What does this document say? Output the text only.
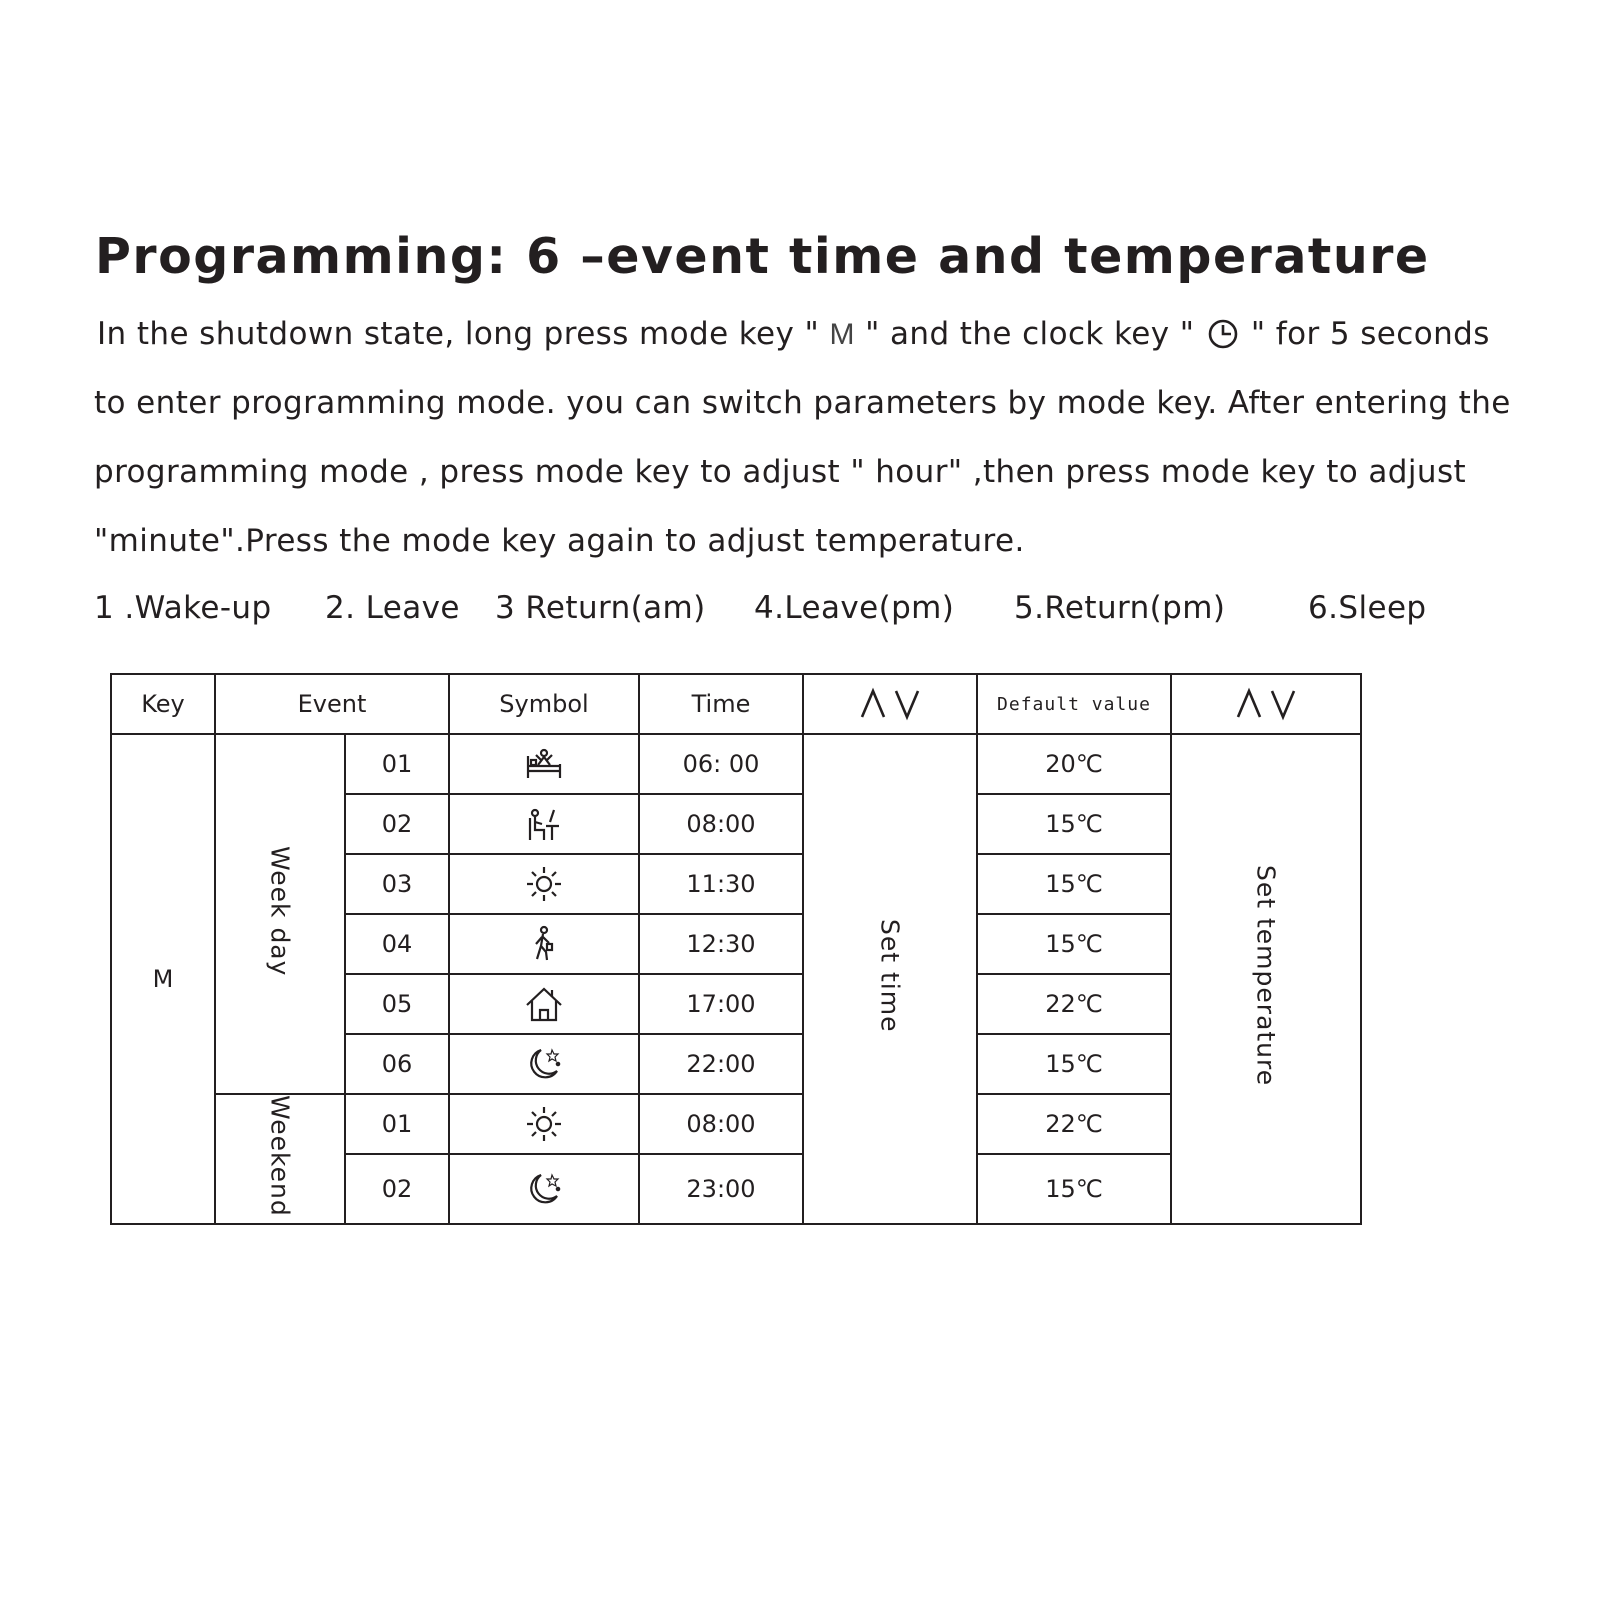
Programming: 6 –event time and temperature
In the shutdown state, long press mode key " M " and the clock key "  " for 5 seconds
to enter programming mode. you can switch parameters by mode key. After entering the
programming mode , press mode key to adjust " hour" ,then press mode key to adjust
"minute".Press the mode key again to adjust temperature.
1 .Wake-up 2. Leave 3 Return(am) 4.Leave(pm) 5.Return(pm)	6.Sleep
Key	Event		Symbol	Time		Default value	

M	Week day	01		06: 00	Set time	20℃	Set temperature
		02		08:00		15℃	
		03		11:30		15℃	
		04		12:30		15℃	
		05		17:00		22℃	
		06		22:00		15℃	
	Weekend	01		08:00		22℃	
		02		23:00		15℃	
